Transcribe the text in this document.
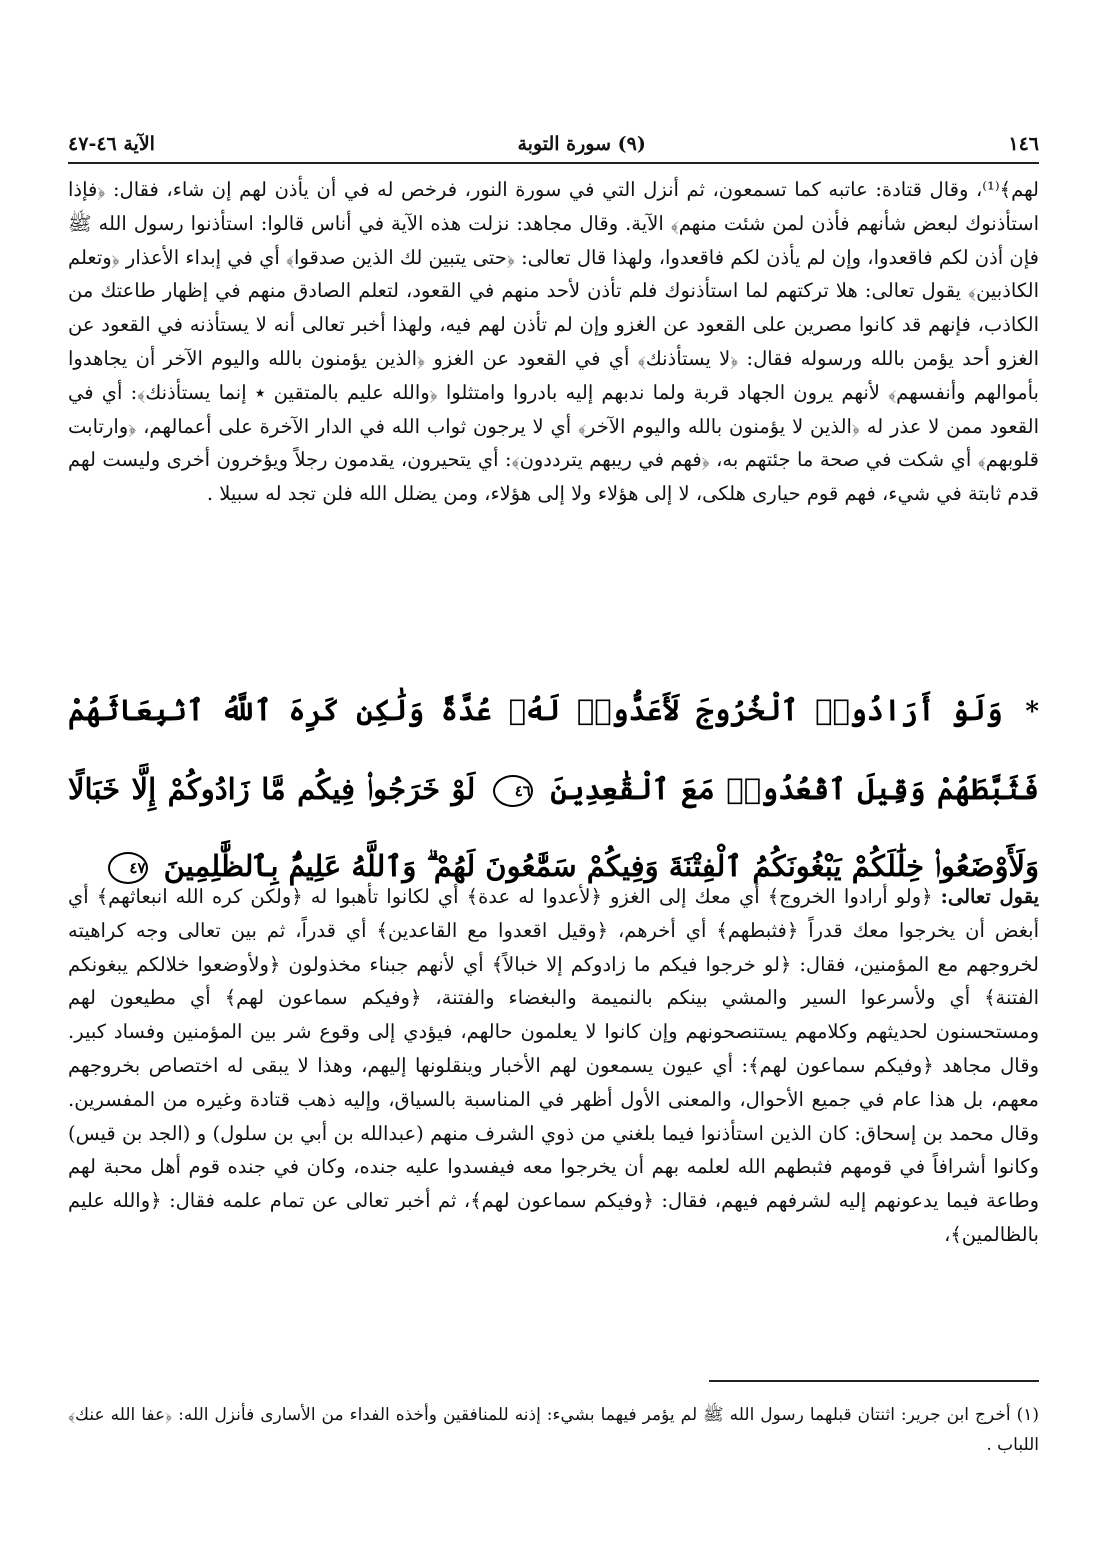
١٤٦
(٩) سورة التوبة
الآية ٤٦-٤٧
لهم﴾⁽¹⁾، وقال قتادة: عاتبه كما تسمعون، ثم أنزل التي في سورة النور، فرخص له في أن يأذن لهم إن شاء، فقال: ﴿فإذا استأذنوك لبعض شأنهم فأذن لمن شئت منهم﴾ الآية. وقال مجاهد: نزلت هذه الآية في أناس قالوا: استأذنوا رسول الله ﷺ فإن أذن لكم فاقعدوا، وإن لم يأذن لكم فاقعدوا، ولهذا قال تعالى: ﴿حتى يتبين لك الذين صدقوا﴾ أي في إبداء الأعذار ﴿وتعلم الكاذبين﴾ يقول تعالى: هلا تركتهم لما استأذنوك فلم تأذن لأحد منهم في القعود، لتعلم الصادق منهم في إظهار طاعتك من الكاذب، فإنهم قد كانوا مصرين على القعود عن الغزو وإن لم تأذن لهم فيه، ولهذا أخبر تعالى أنه لا يستأذنه في القعود عن الغزو أحد يؤمن بالله ورسوله فقال: ﴿لا يستأذنك﴾ أي في القعود عن الغزو ﴿الذين يؤمنون بالله واليوم الآخر أن يجاهدوا بأموالهم وأنفسهم﴾ لأنهم يرون الجهاد قربة ولما ندبهم إليه بادروا وامتثلوا ﴿والله عليم بالمتقين ٭ إنما يستأذنك﴾: أي في القعود ممن لا عذر له ﴿الذين لا يؤمنون بالله واليوم الآخر﴾ أي لا يرجون ثواب الله في الدار الآخرة على أعمالهم، ﴿وارتابت قلوبهم﴾ أي شكت في صحة ما جئتهم به، ﴿فهم في ريبهم يترددون﴾: أي يتحيرون، يقدمون رجلاً ويؤخرون أخرى وليست لهم قدم ثابتة في شيء، فهم قوم حيارى هلكى، لا إلى هؤلاء ولا إلى هؤلاء، ومن يضلل الله فلن تجد له سبيلا .
* وَلَوْ أَرَادُوا۟ ٱلْخُرُوجَ لَأَعَدُّوا۟ لَهُۥ عُدَّةً وَلَٰكِن كَرِهَ ٱللَّهُ ٱنۢبِعَاثَهُمْ فَثَبَّطَهُمْ وَقِيلَ ٱقْعُدُوا۟ مَعَ ٱلْقَٰعِدِينَ ٤٦ لَوْ خَرَجُوا۟ فِيكُم مَّا زَادُوكُمْ إِلَّا خَبَالًا وَلَأَوْضَعُوا۟ خِلَٰلَكُمْ يَبْغُونَكُمُ ٱلْفِتْنَةَ وَفِيكُمْ سَمَّٰعُونَ لَهُمْ ۗ وَٱللَّهُ عَلِيمٌۢ بِٱلظَّٰلِمِينَ ٤٧
يقول تعالى: ﴿ولو أرادوا الخروج﴾ أي معك إلى الغزو ﴿لأعدوا له عدة﴾ أي لكانوا تأهبوا له ﴿ولكن كره الله انبعاثهم﴾ أي أبغض أن يخرجوا معك قدراً ﴿فثبطهم﴾ أي أخرهم، ﴿وقيل اقعدوا مع القاعدين﴾ أي قدراً، ثم بين تعالى وجه كراهيته لخروجهم مع المؤمنين، فقال: ﴿لو خرجوا فيكم ما زادوكم إلا خبالاً﴾ أي لأنهم جبناء مخذولون ﴿ولأوضعوا خلالكم يبغونكم الفتنة﴾ أي ولأسرعوا السير والمشي بينكم بالنميمة والبغضاء والفتنة، ﴿وفيكم سماعون لهم﴾ أي مطيعون لهم ومستحسنون لحديثهم وكلامهم يستنصحونهم وإن كانوا لا يعلمون حالهم، فيؤدي إلى وقوع شر بين المؤمنين وفساد كبير. وقال مجاهد ﴿وفيكم سماعون لهم﴾: أي عيون يسمعون لهم الأخبار وينقلونها إليهم، وهذا لا يبقى له اختصاص بخروجهم معهم، بل هذا عام في جميع الأحوال، والمعنى الأول أظهر في المناسبة بالسياق، وإليه ذهب قتادة وغيره من المفسرين. وقال محمد بن إسحاق: كان الذين استأذنوا فيما بلغني من ذوي الشرف منهم (عبدالله بن أبي بن سلول) و (الجد بن قيس) وكانوا أشرافاً في قومهم فثبطهم الله لعلمه بهم أن يخرجوا معه فيفسدوا عليه جنده، وكان في جنده قوم أهل محبة لهم وطاعة فيما يدعونهم إليه لشرفهم فيهم، فقال: ﴿وفيكم سماعون لهم﴾، ثم أخبر تعالى عن تمام علمه فقال: ﴿والله عليم بالظالمين﴾،
(١) أخرج ابن جرير: اثنتان قبلهما رسول الله ﷺ لم يؤمر فيهما بشيء: إذنه للمنافقين وأخذه الفداء من الأسارى فأنزل الله: ﴿عفا الله عنك﴾ اللباب .
